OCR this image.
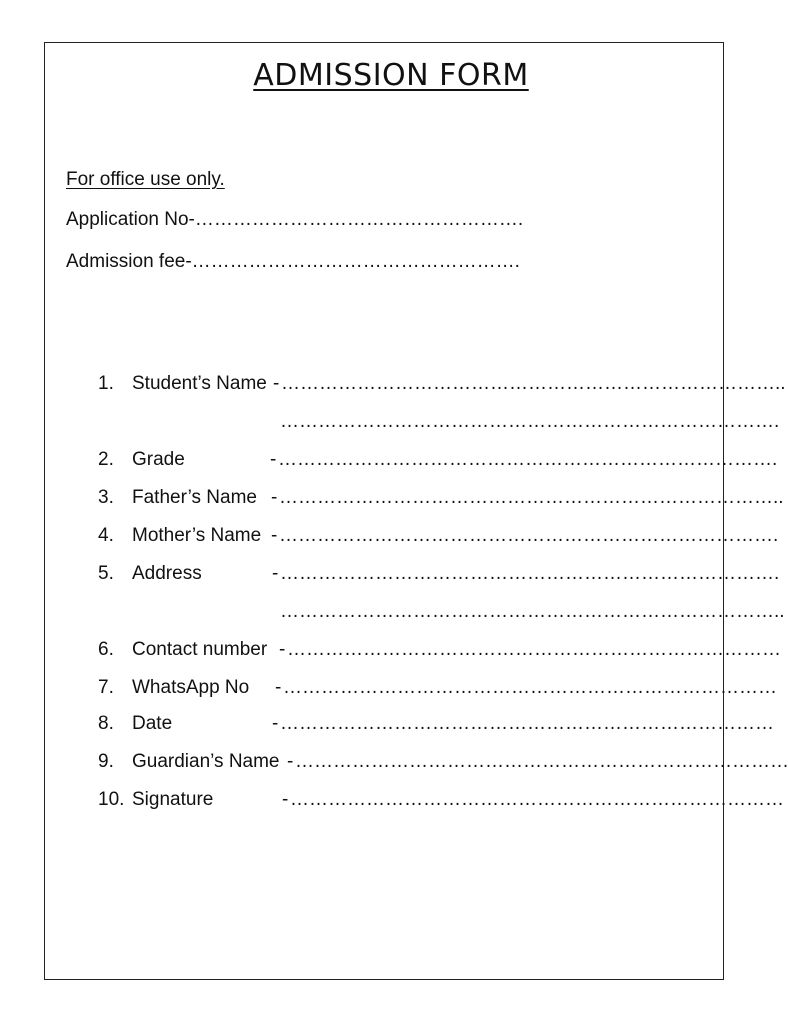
ADMISSION FORM
For office use only.
Application No-…………………………………………….
Admission fee-…………………………………………….
1. Student’s Name - ……………………………………………………………………..
…………………………………………………………………….
2. Grade	- …………………………………………………………………….
3. Father’s Name - ……………………………………………………………………..
4. Mother’s Name - …………………………………………………………………….
5. Address	- …………………………………………………………………….
……………………………………………………………………..
6. Contact number - ……………………………………………………………………
7. WhatsApp No - ……………………………………………………………………
8. Date	- ……………………………………………………………………
9. Guardian’s Name - ……………………………………………………………………
10. Signature	- ……………………………………………………………………
